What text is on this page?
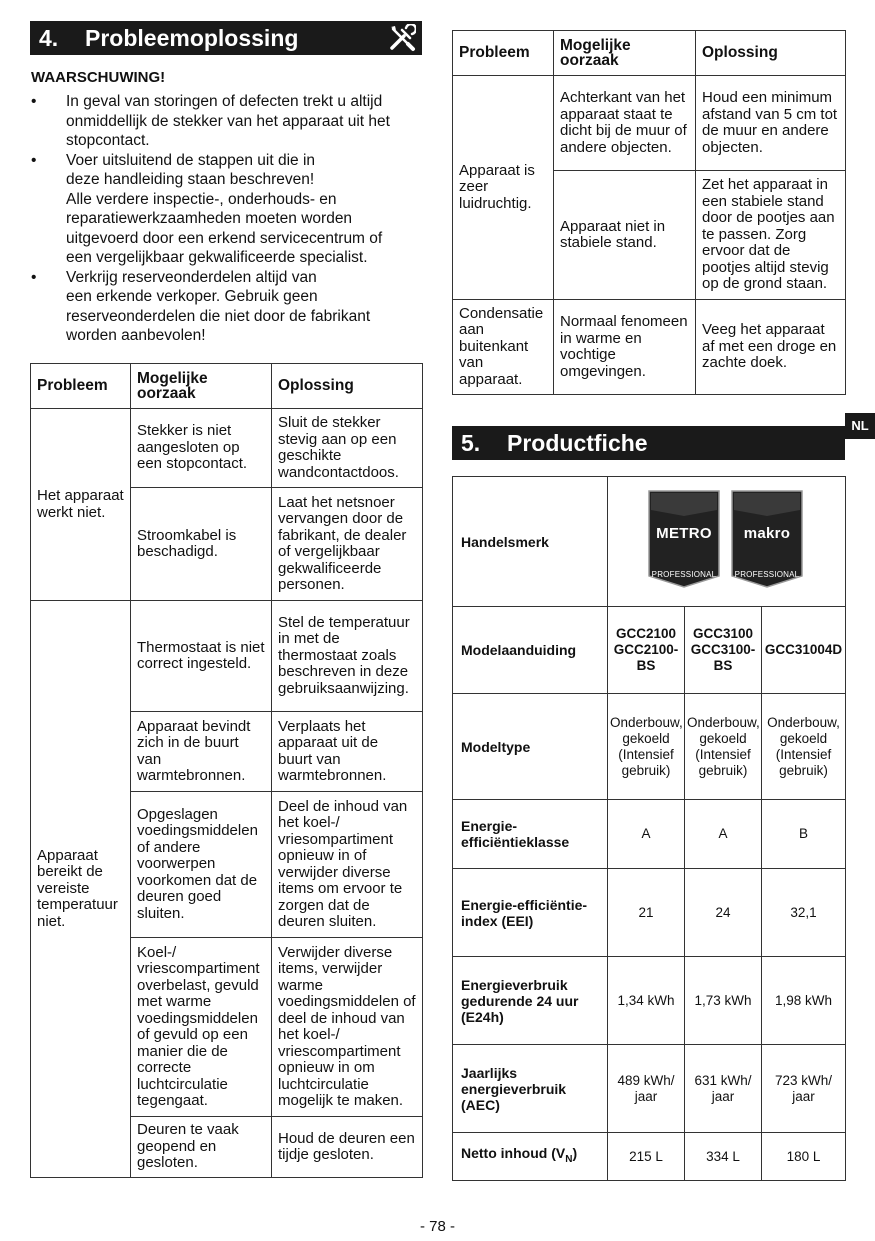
4.	Probleemoplossing
WAARSCHUWING!
• In geval van storingen of defecten trekt u altijd
onmiddellijk de stekker van het apparaat uit het
stopcontact.
• Voer uitsluitend de stappen uit die in
deze handleiding staan beschreven!
Alle verdere inspectie-, onderhouds- en
reparatiewerkzaamheden moeten worden
uitgevoerd door een erkend servicecentrum of
een vergelijkbaar gekwalificeerde specialist.
• Verkrijg reserveonderdelen altijd van
een erkende verkoper. Gebruik geen
reserveonderdelen die niet door de fabrikant
worden aanbevolen!
Probleem	Mogelijke oorzaak	Oplossing
Het apparaat werkt niet.	Stekker is niet aangesloten op een stopcontact.	Sluit de stekker stevig aan op een geschikte wandcontactdoos.
	Stroomkabel is beschadigd.	Laat het netsnoer vervangen door de fabrikant, de dealer of vergelijkbaar gekwalificeerde personen.
Apparaat bereikt de vereiste temperatuur niet.	Thermostaat is niet correct ingesteld.	Stel de temperatuur in met de thermostaat zoals beschreven in deze gebruiksaanwijzing.
	Apparaat bevindt zich in de buurt van warmtebronnen.	Verplaats het apparaat uit de buurt van warmtebronnen.
	Opgeslagen voedingsmiddelen of andere voorwerpen voorkomen dat de deuren goed sluiten.	Deel de inhoud van het koel-/ vriesompartiment opnieuw in of verwijder diverse items om ervoor te zorgen dat de deuren sluiten.
	Koel-/ vriescompartiment overbelast, gevuld met warme voedingsmiddelen of gevuld op een manier die de correcte luchtcirculatie tegengaat.	Verwijder diverse items, verwijder warme voedingsmiddelen of deel de inhoud van het koel-/ vriescompartiment opnieuw in om luchtcirculatie mogelijk te maken.
	Deuren te vaak geopend en gesloten.	Houd de deuren een tijdje gesloten.
Probleem	Mogelijke oorzaak	Oplossing
Apparaat is zeer luidruchtig.	Achterkant van het apparaat staat te dicht bij de muur of andere objecten.	Houd een minimum afstand van 5 cm tot de muur en andere objecten.
	Apparaat niet in stabiele stand.	Zet het apparaat in een stabiele stand door de pootjes aan te passen. Zorg ervoor dat de pootjes altijd stevig op de grond staan.
Condensatie aan buitenkant van apparaat.	Normaal fenomeen in warme en vochtige omgevingen.	Veeg het apparaat af met een droge en zachte doek.
NL
5.	Productfiche
Handelsmerk	METRO
PROFESSIONAL
makro
PROFESSIONAL		

Modelaanduiding	GCC2100 GCC2100- BS	GCC3100 GCC3100- BS	GCC31004D
Modeltype	Onderbouw, gekoeld (Intensief gebruik)	Onderbouw, gekoeld (Intensief gebruik)	Onderbouw, gekoeld (Intensief gebruik)
Energie- efficiëntieklasse	A	A	B
Energie-efficiëntie- index (EEI)	21	24	32,1
Energieverbruik gedurende 24 uur (E24h)	1,34 kWh	1,73 kWh	1,98 kWh
Jaarlijks energieverbruik (AEC)	489 kWh/ jaar	631 kWh/ jaar	723 kWh/ jaar
Netto inhoud $(V_N)$	215 L	334 L	180 L
- 78 -
